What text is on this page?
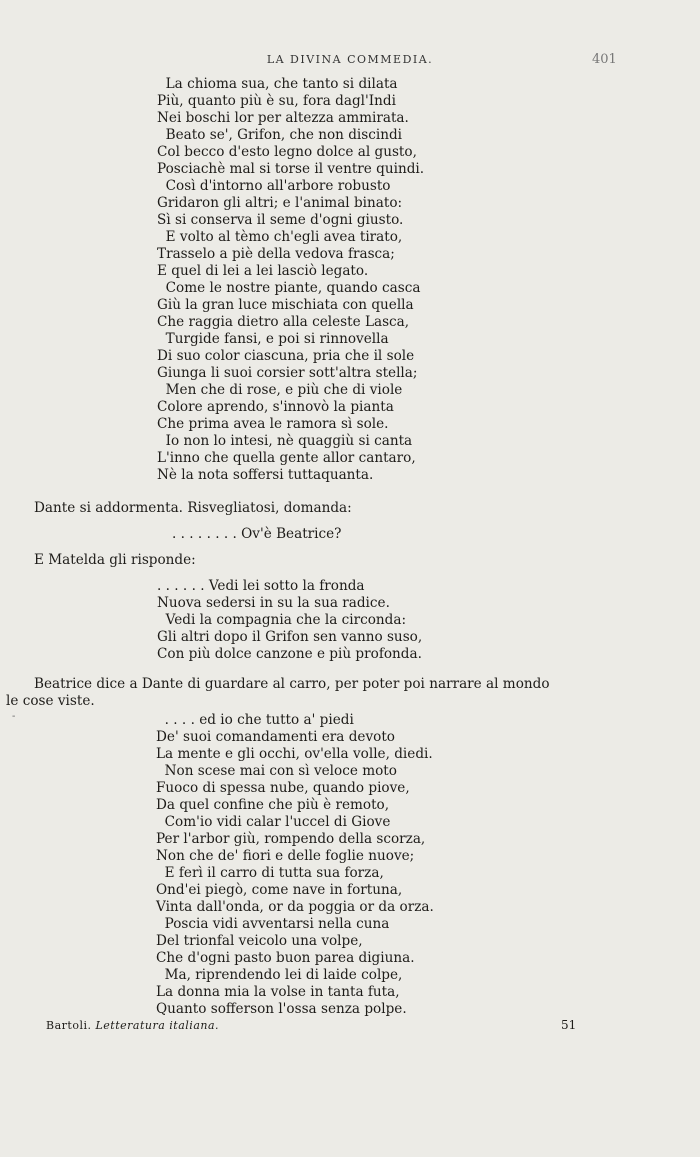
LA DIVINA COMMEDIA.	401
La chioma sua, che tanto si dilata
Più, quanto più è su, fora dagl'Indi
Nei boschi lor per altezza ammirata.
Beato se', Grifon, che non discindi
Col becco d'esto legno dolce al gusto,
Posciachè mal si torse il ventre quindi.
Così d'intorno all'arbore robusto
Gridaron gli altri; e l'animal binato:
Sì si conserva il seme d'ogni giusto.
E volto al tèmo ch'egli avea tirato,
Trasselo a piè della vedova frasca;
E quel di lei a lei lasciò legato.
Come le nostre piante, quando casca
Giù la gran luce mischiata con quella
Che raggia dietro alla celeste Lasca,
Turgide fansi, e poi si rinnovella
Di suo color ciascuna, pria che il sole
Giunga li suoi corsier sott'altra stella;
Men che di rose, e più che di viole
Colore aprendo, s'innovò la pianta
Che prima avea le ramora sì sole.
Io non lo intesi, nè quaggiù si canta
L'inno che quella gente allor cantaro,
Nè la nota soffersi tuttaquanta.
Dante si addormenta. Risvegliatosi, domanda:
. . . . . . . . Ov'è Beatrice?
E Matelda gli risponde:
. . . . . . Vedi lei sotto la fronda
Nuova sedersi in su la sua radice.
Vedi la compagnia che la circonda:
Gli altri dopo il Grifon sen vanno suso,
Con più dolce canzone e più profonda.
Beatrice dice a Dante di guardare al carro, per poter poi narrare al mondo
le cose viste.
-	. . . . ed io che tutto a' piedi
De' suoi comandamenti era devoto
La mente e gli occhi, ov'ella volle, diedi.
Non scese mai con sì veloce moto
Fuoco di spessa nube, quando piove,
Da quel confine che più è remoto,
Com'io vidi calar l'uccel di Giove
Per l'arbor giù, rompendo della scorza,
Non che de' fiori e delle foglie nuove;
E ferì il carro di tutta sua forza,
Ond'ei piegò, come nave in fortuna,
Vinta dall'onda, or da poggia or da orza.
Poscia vidi avventarsi nella cuna
Del trionfal veicolo una volpe,
Che d'ogni pasto buon parea digiuna.
Ma, riprendendo lei di laide colpe,
La donna mia la volse in tanta futa,
Quanto sofferson l'ossa senza polpe.
Bartoli. Letteratura italiana.	51
